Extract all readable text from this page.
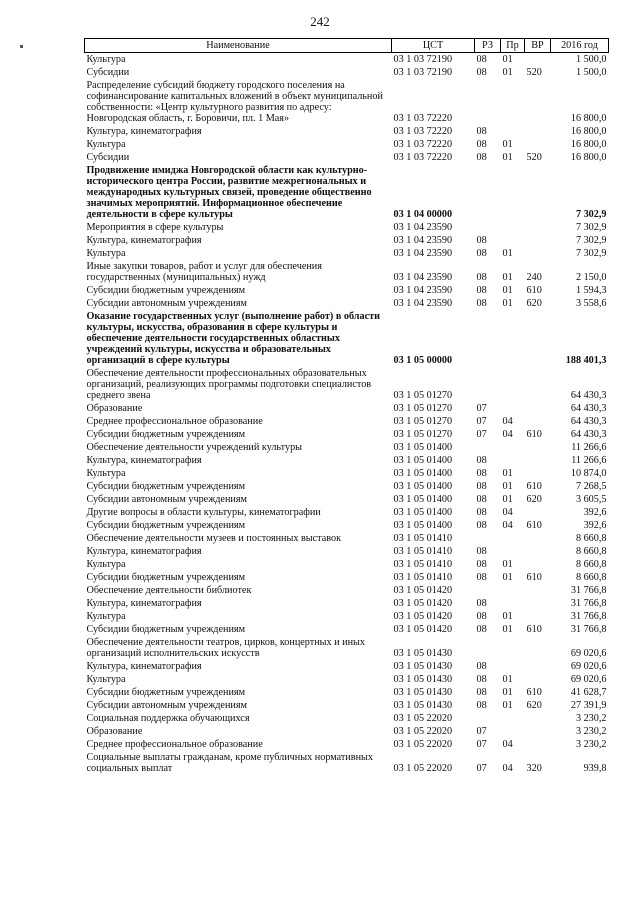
242
Наименование	ЦСТ	РЗ	Пр	ВР	2016 год
Культура	03 1 03 72190	08	01		1 500,0
Субсидии	03 1 03 72190	08	01	520	1 500,0
Распределение субсидий бюджету городского поселения на софинансирование капитальных вложений в объект муниципальной собственности: «Центр культурного развития по адресу: Новгородская область, г. Боровичи, пл. 1 Мая»	03 1 03 72220				16 800,0
Культура, кинематография	03 1 03 72220	08			16 800,0
Культура	03 1 03 72220	08	01		16 800,0
Субсидии	03 1 03 72220	08	01	520	16 800,0
Продвижение имиджа Новгородской области как культурно-исторического центра России, развитие межрегиональных и международных культурных связей, проведение общественно значимых мероприятий. Информационное обеспечение деятельности в сфере культуры	03 1 04 00000				7 302,9
Мероприятия в сфере культуры	03 1 04 23590				7 302,9
Культура, кинематография	03 1 04 23590	08			7 302,9
Культура	03 1 04 23590	08	01		7 302,9
Иные закупки товаров, работ и услуг для обеспечения государственных (муниципальных) нужд	03 1 04 23590	08	01	240	2 150,0
Субсидии бюджетным учреждениям	03 1 04 23590	08	01	610	1 594,3
Субсидии автономным учреждениям	03 1 04 23590	08	01	620	3 558,6
Оказание государственных услуг (выполнение работ) в области культуры, искусства, образования в сфере культуры и обеспечение деятельности государственных областных учреждений культуры, искусства и образовательных организаций в сфере культуры	03 1 05 00000				188 401,3
Обеспечение деятельности профессиональных образовательных организаций, реализующих программы подготовки специалистов среднего звена	03 1 05 01270				64 430,3
Образование	03 1 05 01270	07			64 430,3
Среднее профессиональное образование	03 1 05 01270	07	04		64 430,3
Субсидии бюджетным учреждениям	03 1 05 01270	07	04	610	64 430,3
Обеспечение деятельности учреждений культуры	03 1 05 01400				11 266,6
Культура, кинематография	03 1 05 01400	08			11 266,6
Культура	03 1 05 01400	08	01		10 874,0
Субсидии бюджетным учреждениям	03 1 05 01400	08	01	610	7 268,5
Субсидии автономным учреждениям	03 1 05 01400	08	01	620	3 605,5
Другие вопросы в области культуры, кинематографии	03 1 05 01400	08	04		392,6
Субсидии бюджетным учреждениям	03 1 05 01400	08	04	610	392,6
Обеспечение деятельности музеев и постоянных выставок	03 1 05 01410				8 660,8
Культура, кинематография	03 1 05 01410	08			8 660,8
Культура	03 1 05 01410	08	01		8 660,8
Субсидии бюджетным учреждениям	03 1 05 01410	08	01	610	8 660,8
Обеспечение деятельности библиотек	03 1 05 01420				31 766,8
Культура, кинематография	03 1 05 01420	08			31 766,8
Культура	03 1 05 01420	08	01		31 766,8
Субсидии бюджетным учреждениям	03 1 05 01420	08	01	610	31 766,8
Обеспечение деятельности театров, цирков, концертных и иных организаций исполнительских искусств	03 1 05 01430				69 020,6
Культура, кинематография	03 1 05 01430	08			69 020,6
Культура	03 1 05 01430	08	01		69 020,6
Субсидии бюджетным учреждениям	03 1 05 01430	08	01	610	41 628,7
Субсидии автономным учреждениям	03 1 05 01430	08	01	620	27 391,9
Социальная поддержка обучающихся	03 1 05 22020				3 230,2
Образование	03 1 05 22020	07			3 230,2
Среднее профессиональное образование	03 1 05 22020	07	04		3 230,2
Социальные выплаты гражданам, кроме публичных нормативных социальных выплат	03 1 05 22020	07	04	320	939,8
